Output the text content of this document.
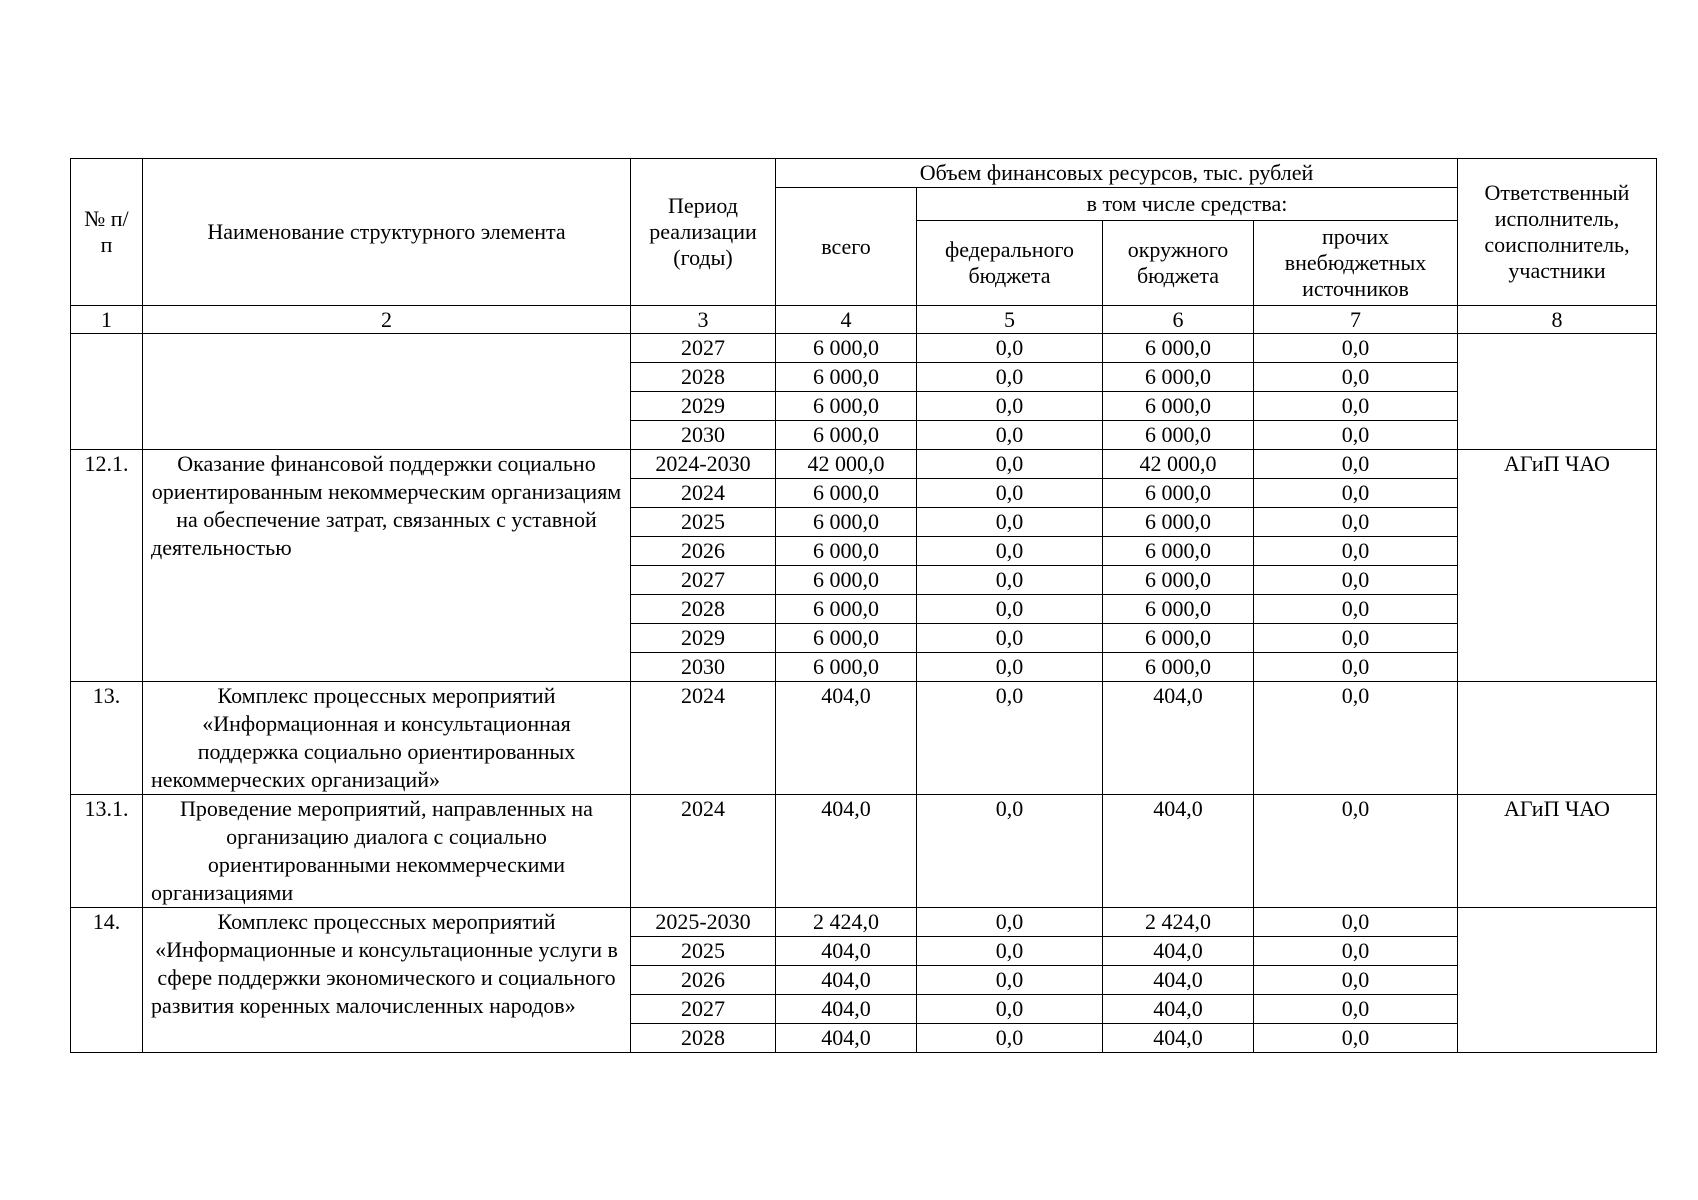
№ п/п	Наименование структурного элемента	Период реализации (годы)	Объем финансовых ресурсов, тыс. рублей				Ответственный исполнитель, соисполнитель, участники
			всего	в том числе средства:			
				федерального бюджета	окружного бюджета	прочих внебюджетных источников	
1	2	3	4	5	6	7	8
		2027	6 000,0	0,0	6 000,0	0,0	
		2028	6 000,0	0,0	6 000,0	0,0	
		2029	6 000,0	0,0	6 000,0	0,0	
		2030	6 000,0	0,0	6 000,0	0,0	
12.1.	Оказание финансовой поддержки социально ориентированным некоммерческим организациям на обеспечение затрат, связанных с уставной деятельностью	2024-2030	42 000,0	0,0	42 000,0	0,0	АГиП ЧАО
		2024	6 000,0	0,0	6 000,0	0,0	
		2025	6 000,0	0,0	6 000,0	0,0	
		2026	6 000,0	0,0	6 000,0	0,0	
		2027	6 000,0	0,0	6 000,0	0,0	
		2028	6 000,0	0,0	6 000,0	0,0	
		2029	6 000,0	0,0	6 000,0	0,0	
		2030	6 000,0	0,0	6 000,0	0,0	
13.	Комплекс процессных мероприятий «Информационная и консультационная поддержка социально ориентированных некоммерческих организаций»	2024	404,0	0,0	404,0	0,0	
13.1.	Проведение мероприятий, направленных на организацию диалога с социально ориентированными некоммерческими организациями	2024	404,0	0,0	404,0	0,0	АГиП ЧАО
14.	Комплекс процессных мероприятий «Информационные и консультационные услуги в сфере поддержки экономического и социального развития коренных малочисленных народов»	2025-2030	2 424,0	0,0	2 424,0	0,0	
		2025	404,0	0,0	404,0	0,0	
		2026	404,0	0,0	404,0	0,0	
		2027	404,0	0,0	404,0	0,0	
		2028	404,0	0,0	404,0	0,0	
